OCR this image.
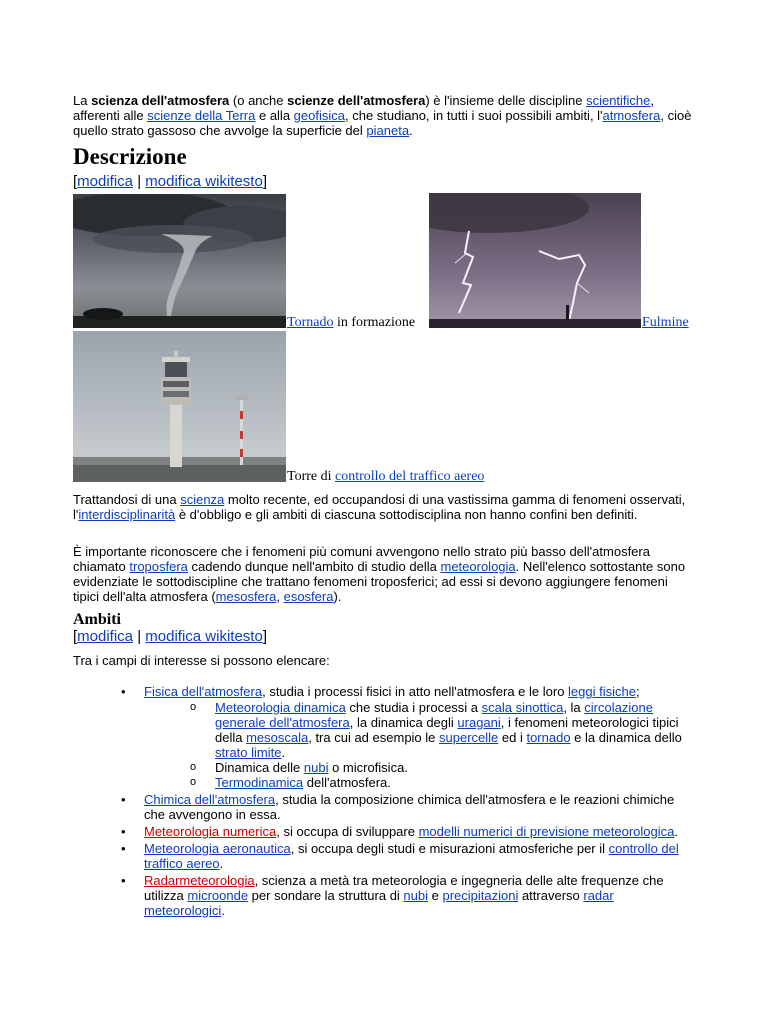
La scienza dell'atmosfera (o anche scienze dell'atmosfera) è l'insieme delle discipline scientifiche, afferenti alle scienze della Terra e alla geofisica, che studiano, in tutti i suoi possibili ambiti, l'atmosfera, cioè quello strato gassoso che avvolge la superficie del pianeta.

Descrizione
[modifica | modifica wikitesto]
Tornado in formazione	Fulmine
Torre di controllo del traffico aereo

Trattandosi di una scienza molto recente, ed occupandosi di una vastissima gamma di fenomeni osservati, l'interdisciplinarità è d'obbligo e gli ambiti di ciascuna sottodisciplina non hanno confini ben definiti.

È importante riconoscere che i fenomeni più comuni avvengono nello strato più basso dell'atmosfera chiamato troposfera cadendo dunque nell'ambito di studio della meteorologia. Nell'elenco sottostante sono evidenziate le sottodiscipline che trattano fenomeni troposferici; ad essi si devono aggiungere fenomeni tipici dell'alta atmosfera (mesosfera, esosfera).

Ambiti
[modifica | modifica wikitesto]

Tra i campi di interesse si possono elencare:

• Fisica dell'atmosfera, studia i processi fisici in atto nell'atmosfera e le loro leggi fisiche;
o Meteorologia dinamica che studia i processi a scala sinottica, la circolazione generale dell'atmosfera, la dinamica degli uragani, i fenomeni meteorologici tipici della mesoscala, tra cui ad esempio le supercelle ed i tornado e la dinamica dello strato limite.
o Dinamica delle nubi o microfisica.
o Termodinamica dell'atmosfera.
• Chimica dell'atmosfera, studia la composizione chimica dell'atmosfera e le reazioni chimiche che avvengono in essa.
• Meteorologia numerica, si occupa di sviluppare modelli numerici di previsione meteorologica.
• Meteorologia aeronautica, si occupa degli studi e misurazioni atmosferiche per il controllo del traffico aereo.
• Radarmeteorologia, scienza a metà tra meteorologia e ingegneria delle alte frequenze che utilizza microonde per sondare la struttura di nubi e precipitazioni attraverso radar meteorologici.
